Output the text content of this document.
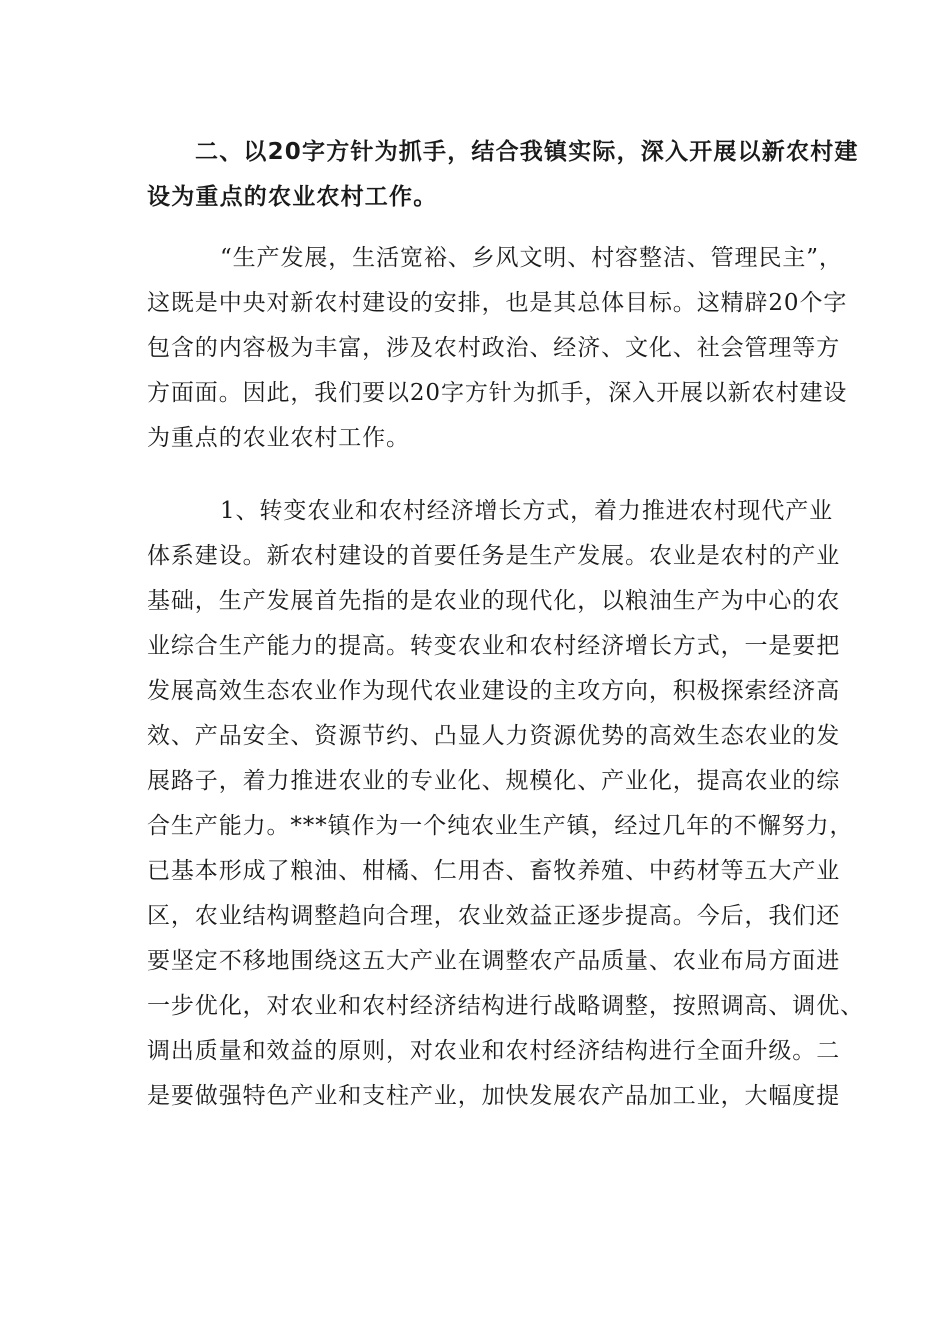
二、以20字方针为抓手，结合我镇实际，深入开展以新农村建
设为重点的农业农村工作。
“生产发展，生活宽裕、乡风文明、村容整洁、管理民主”，
这既是中央对新农村建设的安排，也是其总体目标。这精辟20个字
包含的内容极为丰富，涉及农村政治、经济、文化、社会管理等方
方面面。因此，我们要以20字方针为抓手，深入开展以新农村建设
为重点的农业农村工作。
1、转变农业和农村经济增长方式，着力推进农村现代产业
体系建设。新农村建设的首要任务是生产发展。农业是农村的产业
基础，生产发展首先指的是农业的现代化，以粮油生产为中心的农
业综合生产能力的提高。转变农业和农村经济增长方式，一是要把
发展高效生态农业作为现代农业建设的主攻方向，积极探索经济高
效、产品安全、资源节约、凸显人力资源优势的高效生态农业的发
展路子，着力推进农业的专业化、规模化、产业化，提高农业的综
合生产能力。***镇作为一个纯农业生产镇，经过几年的不懈努力，
已基本形成了粮油、柑橘、仁用杏、畜牧养殖、中药材等五大产业
区，农业结构调整趋向合理，农业效益正逐步提高。今后，我们还
要坚定不移地围绕这五大产业在调整农产品质量、农业布局方面进
一步优化，对农业和农村经济结构进行战略调整，按照调高、调优、
调出质量和效益的原则，对农业和农村经济结构进行全面升级。二
是要做强特色产业和支柱产业，加快发展农产品加工业，大幅度提
